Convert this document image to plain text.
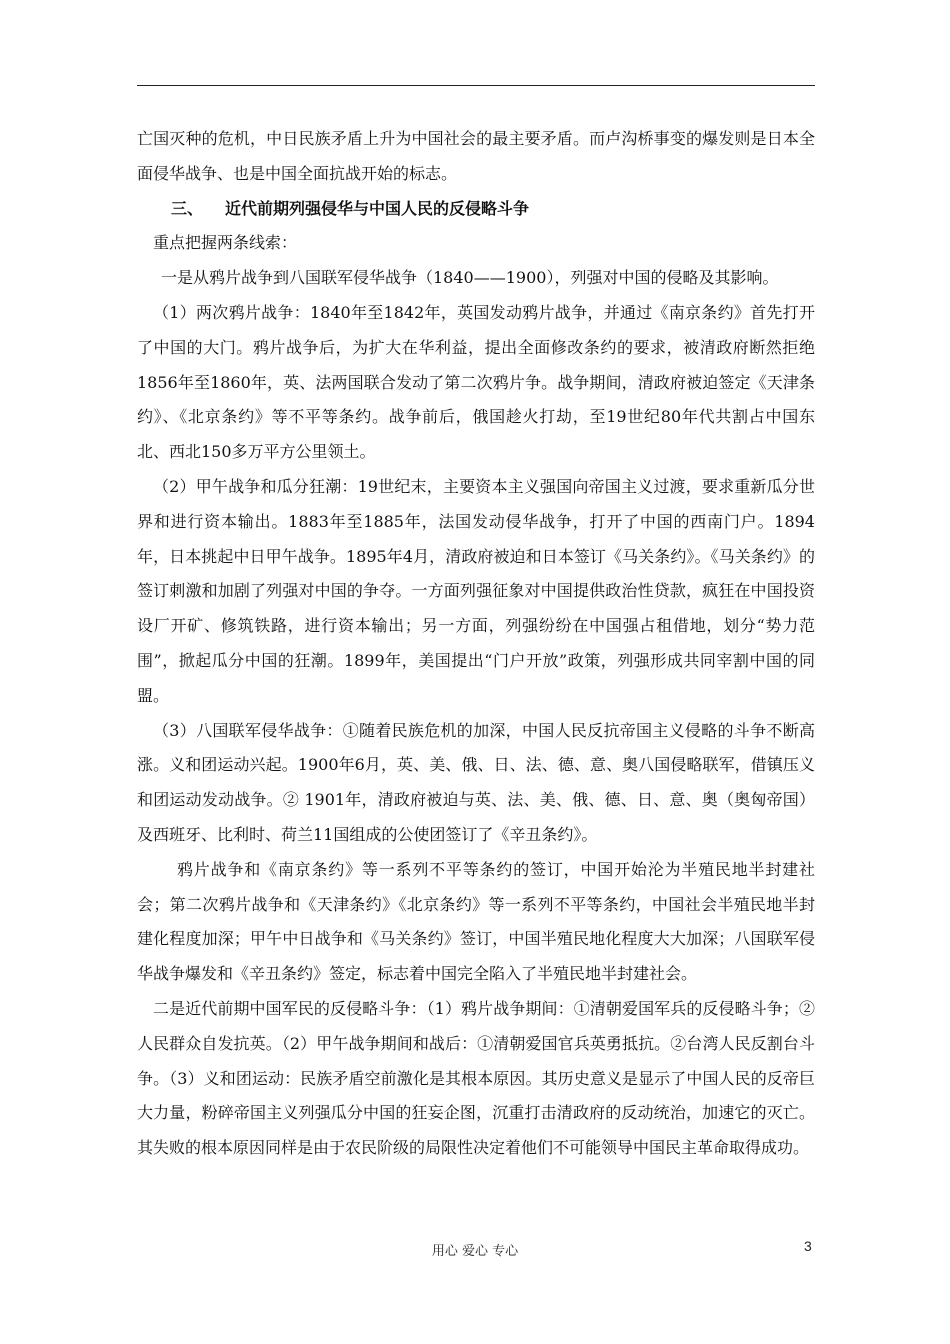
亡国灭种的危机，中日民族矛盾上升为中国社会的最主要矛盾。而卢沟桥事变的爆发则是日本全面侵华战争、也是中国全面抗战开始的标志。

三、 近代前期列强侵华与中国人民的反侵略斗争

重点把握两条线索：

一是从鸦片战争到八国联军侵华战争（1840——1900），列强对中国的侵略及其影响。

（1）两次鸦片战争：1840年至1842年，英国发动鸦片战争，并通过《南京条约》首先打开了中国的大门。鸦片战争后，为扩大在华利益，提出全面修改条约的要求，被清政府断然拒绝1856年至1860年，英、法两国联合发动了第二次鸦片争。战争期间，清政府被迫签定《天津条约》、《北京条约》等不平等条约。战争前后，俄国趁火打劫，至19世纪80年代共割占中国东北、西北150多万平方公里领土。

（2）甲午战争和瓜分狂潮：19世纪末，主要资本主义强国向帝国主义过渡，要求重新瓜分世界和进行资本输出。1883年至1885年，法国发动侵华战争，打开了中国的西南门户。1894年，日本挑起中日甲午战争。1895年4月，清政府被迫和日本签订《马关条约》。《马关条约》的签订刺激和加剧了列强对中国的争夺。一方面列强征象对中国提供政治性贷款，疯狂在中国投资设厂开矿、修筑铁路，进行资本输出；另一方面，列强纷纷在中国强占租借地，划分“势力范围”，掀起瓜分中国的狂潮。1899年，美国提出“门户开放”政策，列强形成共同宰割中国的同盟。

（3）八国联军侵华战争：①随着民族危机的加深，中国人民反抗帝国主义侵略的斗争不断高涨。义和团运动兴起。1900年6月，英、美、俄、日、法、德、意、奥八国侵略联军，借镇压义和团运动发动战争。② 1901年，清政府被迫与英、法、美、俄、德、日、意、奥（奥匈帝国）及西班牙、比利时、荷兰11国组成的公使团签订了《辛丑条约》。

鸦片战争和《南京条约》等一系列不平等条约的签订，中国开始沦为半殖民地半封建社会；第二次鸦片战争和《天津条约》《北京条约》等一系列不平等条约，中国社会半殖民地半封建化程度加深；甲午中日战争和《马关条约》签订，中国半殖民地化程度大大加深；八国联军侵华战争爆发和《辛丑条约》签定，标志着中国完全陷入了半殖民地半封建社会。

二是近代前期中国军民的反侵略斗争：（1）鸦片战争期间：①清朝爱国军兵的反侵略斗争；②人民群众自发抗英。（2）甲午战争期间和战后：①清朝爱国官兵英勇抵抗。②台湾人民反割台斗争。（3）义和团运动：民族矛盾空前激化是其根本原因。其历史意义是显示了中国人民的反帝巨大力量，粉碎帝国主义列强瓜分中国的狂妄企图，沉重打击清政府的反动统治，加速它的灭亡。其失败的根本原因同样是由于农民阶级的局限性决定着他们不可能领导中国民主革命取得成功。

用心 爱心 专心	3
